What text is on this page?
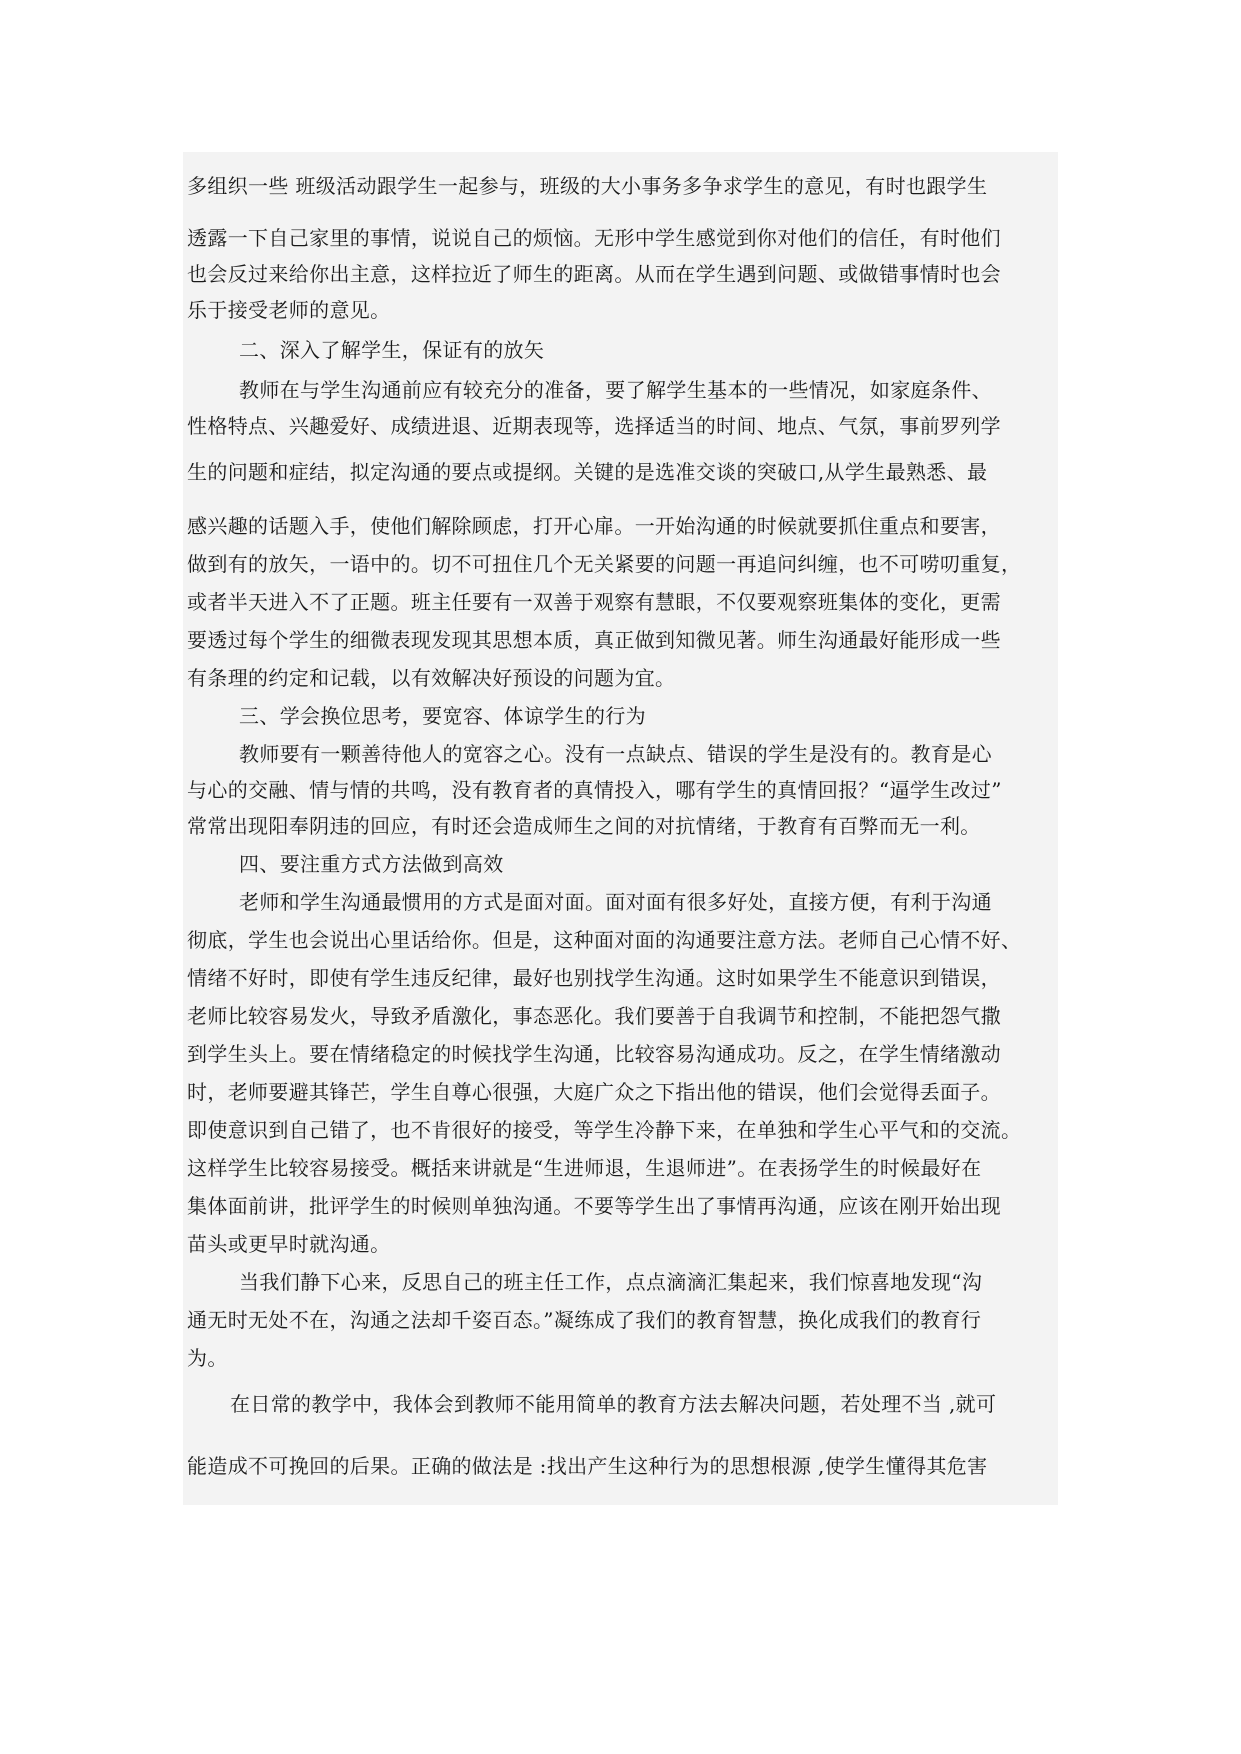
多组织一些 班级活动跟学生一起参与，班级的大小事务多争求学生的意见，有时也跟学生
透露一下自己家里的事情，说说自己的烦恼。无形中学生感觉到你对他们的信任，有时他们
也会反过来给你出主意，这样拉近了师生的距离。从而在学生遇到问题、或做错事情时也会
乐于接受老师的意见。
二、深入了解学生，保证有的放矢
教师在与学生沟通前应有较充分的准备，要了解学生基本的一些情况，如家庭条件、
性格特点、兴趣爱好、成绩进退、近期表现等，选择适当的时间、地点、气氛，事前罗列学
生的问题和症结，拟定沟通的要点或提纲。关键的是选准交谈的突破口,从学生最熟悉、最
感兴趣的话题入手，使他们解除顾虑，打开心扉。一开始沟通的时候就要抓住重点和要害，
做到有的放矢，一语中的。切不可扭住几个无关紧要的问题一再追问纠缠，也不可唠叨重复，
或者半天进入不了正题。班主任要有一双善于观察有慧眼，不仅要观察班集体的变化，更需
要透过每个学生的细微表现发现其思想本质，真正做到知微见著。师生沟通最好能形成一些
有条理的约定和记载，以有效解决好预设的问题为宜。
三、学会换位思考，要宽容、体谅学生的行为
教师要有一颗善待他人的宽容之心。没有一点缺点、错误的学生是没有的。教育是心
与心的交融、情与情的共鸣，没有教育者的真情投入，哪有学生的真情回报？“逼学生改过”
常常出现阳奉阴违的回应，有时还会造成师生之间的对抗情绪，于教育有百弊而无一利。
四、要注重方式方法做到高效
老师和学生沟通最惯用的方式是面对面。面对面有很多好处，直接方便，有利于沟通
彻底，学生也会说出心里话给你。但是，这种面对面的沟通要注意方法。老师自己心情不好、
情绪不好时，即使有学生违反纪律，最好也别找学生沟通。这时如果学生不能意识到错误，
老师比较容易发火，导致矛盾激化，事态恶化。我们要善于自我调节和控制，不能把怨气撒
到学生头上。要在情绪稳定的时候找学生沟通，比较容易沟通成功。反之，在学生情绪激动
时，老师要避其锋芒，学生自尊心很强，大庭广众之下指出他的错误，他们会觉得丢面子。
即使意识到自己错了，也不肯很好的接受，等学生冷静下来，在单独和学生心平气和的交流。
这样学生比较容易接受。概括来讲就是“生进师退，生退师进”。在表扬学生的时候最好在
集体面前讲，批评学生的时候则单独沟通。不要等学生出了事情再沟通，应该在刚开始出现
苗头或更早时就沟通。
当我们静下心来，反思自己的班主任工作，点点滴滴汇集起来，我们惊喜地发现“沟
通无时无处不在，沟通之法却千姿百态。”凝练成了我们的教育智慧，换化成我们的教育行
为。
在日常的教学中，我体会到教师不能用简单的教育方法去解决问题，若处理不当 ,就可
能造成不可挽回的后果。正确的做法是 :找出产生这种行为的思想根源 ,使学生懂得其危害
